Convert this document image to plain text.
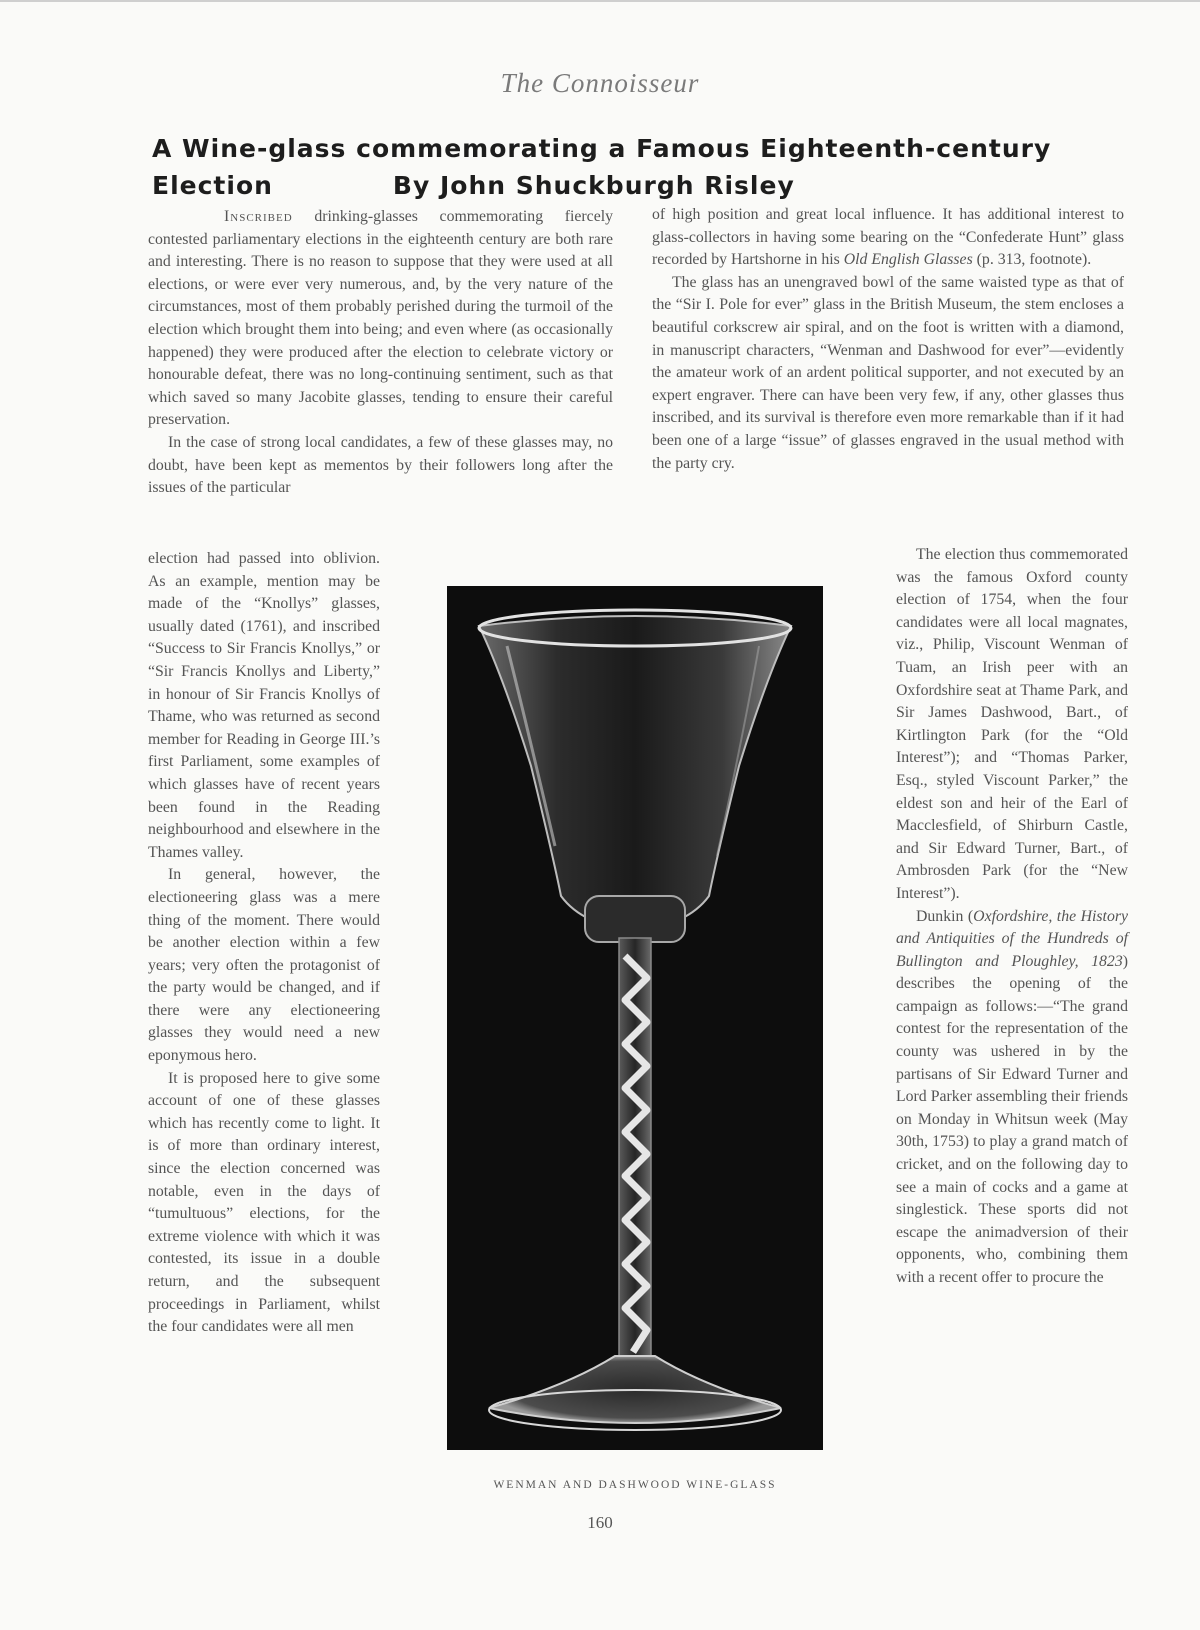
The Connoisseur
A Wine-glass commemorating a Famous Eighteenth-century
Election	By John Shuckburgh Risley

Inscribed drinking-glasses commemorating fiercely contested parliamentary elections in the eighteenth century are both rare and interesting. There is no reason to suppose that they were used at all elections, or were ever very numerous, and, by the very nature of the circumstances, most of them probably perished during the turmoil of the election which brought them into being; and even where (as occasionally happened) they were produced after the election to celebrate victory or honourable defeat, there was no long-continuing sentiment, such as that which saved so many Jacobite glasses, tending to ensure their careful preservation.

In the case of strong local candidates, a few of these glasses may, no doubt, have been kept as mementos by their followers long after the issues of the particular

election had passed into oblivion. As an example, mention may be made of the “Knollys” glasses, usually dated (1761), and inscribed “Success to Sir Francis Knollys,” or “Sir Francis Knollys and Liberty,” in honour of Sir Francis Knollys of Thame, who was returned as second member for Reading in George III.’s first Parliament, some examples of which glasses have of recent years been found in the Reading neighbourhood and elsewhere in the Thames valley.

In general, however, the electioneering glass was a mere thing of the moment. There would be another election within a few years; very often the protagonist of the party would be changed, and if there were any electioneering glasses they would need a new eponymous hero.

It is proposed here to give some account of one of these glasses which has recently come to light. It is of more than ordinary interest, since the election concerned was notable, even in the days of “tumultuous” elections, for the extreme violence with which it was contested, its issue in a double return, and the subsequent proceedings in Parliament, whilst the four candidates were all men

of high position and great local influence. It has additional interest to glass-collectors in having some bearing on the “Confederate Hunt” glass recorded by Hartshorne in his Old English Glasses (p. 313, footnote).

The glass has an unengraved bowl of the same waisted type as that of the “Sir I. Pole for ever” glass in the British Museum, the stem encloses a beautiful corkscrew air spiral, and on the foot is written with a diamond, in manuscript characters, “Wenman and Dashwood for ever”—evidently the amateur work of an ardent political supporter, and not executed by an expert engraver. There can have been very few, if any, other glasses thus inscribed, and its survival is therefore even more remarkable than if it had been one of a large “issue” of glasses engraved in the usual method with the party cry.

The election thus commemorated was the famous Oxford county election of 1754, when the four candidates were all local magnates, viz., Philip, Viscount Wenman of Tuam, an Irish peer with an Oxfordshire seat at Thame Park, and Sir James Dashwood, Bart., of Kirtlington Park (for the “Old Interest”); and “Thomas Parker, Esq., styled Viscount Parker,” the eldest son and heir of the Earl of Macclesfield, of Shirburn Castle, and Sir Edward Turner, Bart., of Ambrosden Park (for the “New Interest”).

Dunkin (Oxfordshire, the History and Antiquities of the Hundreds of Bullington and Ploughley, 1823) describes the opening of the campaign as follows:—“The grand contest for the representation of the county was ushered in by the partisans of Sir Edward Turner and Lord Parker assembling their friends on Monday in Whitsun week (May 30th, 1753) to play a grand match of cricket, and on the following day to see a main of cocks and a game at singlestick. These sports did not escape the animadversion of their opponents, who, combining them with a recent offer to procure the

WENMAN AND DASHWOOD WINE-GLASS
160
